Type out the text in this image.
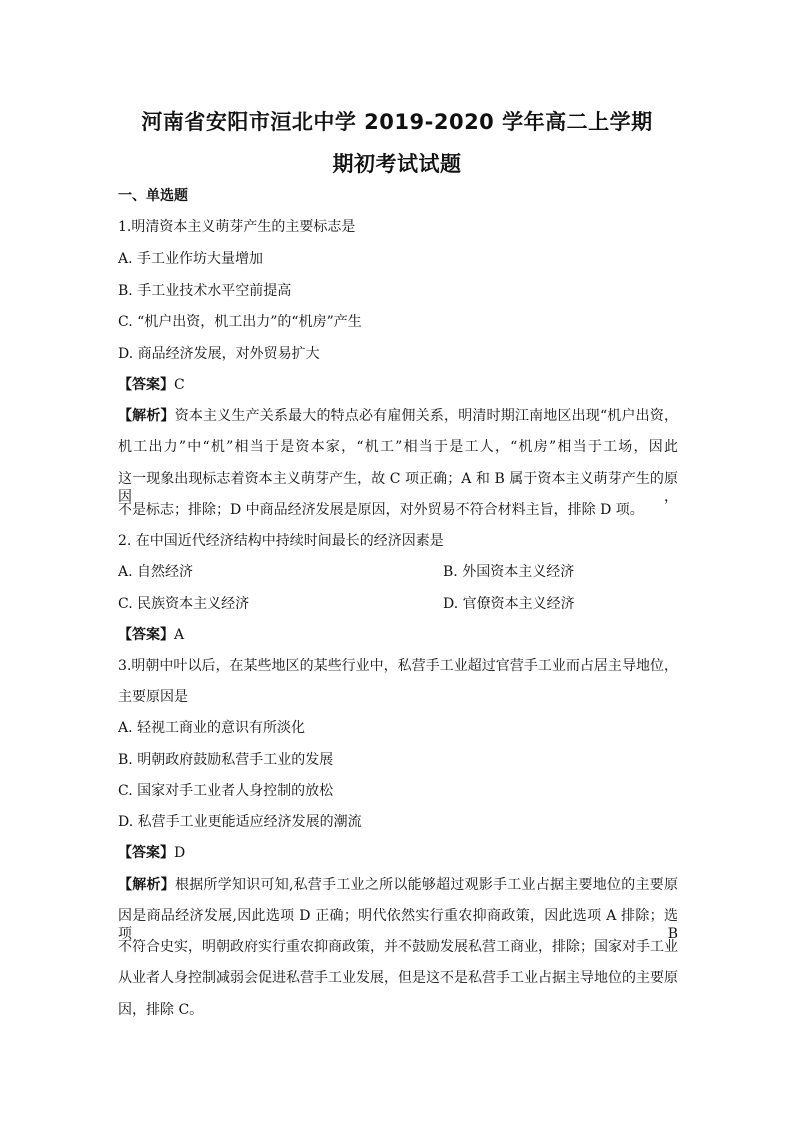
河南省安阳市洹北中学 2019-2020 学年高二上学期
期初考试试题
一、单选题
1.明清资本主义萌芽产生的主要标志是
A. 手工业作坊大量增加
B. 手工业技术水平空前提高
C. “机户出资，机工出力”的“机房”产生
D. 商品经济发展，对外贸易扩大
【答案】C
【解析】资本主义生产关系最大的特点必有雇佣关系，明清时期江南地区出现“机户出资，
机工出力”中“机”相当于是资本家，“机工”相当于是工人，“机房”相当于工场，因此
这一现象出现标志着资本主义萌芽产生，故 C 项正确；A 和 B 属于资本主义萌芽产生的原因，
不是标志；排除；D 中商品经济发展是原因，对外贸易不符合材料主旨，排除 D 项。
2. 在中国近代经济结构中持续时间最长的经济因素是
A. 自然经济	B. 外国资本主义经济
C. 民族资本主义经济	D. 官僚资本主义经济
【答案】A
3.明朝中叶以后，在某些地区的某些行业中，私营手工业超过官营手工业而占居主导地位，
主要原因是
A. 轻视工商业的意识有所淡化
B. 明朝政府鼓励私营手工业的发展
C. 国家对手工业者人身控制的放松
D. 私营手工业更能适应经济发展的潮流
【答案】D
【解析】根据所学知识可知,私营手工业之所以能够超过观影手工业占据主要地位的主要原
因是商品经济发展,因此选项 D 正确；明代依然实行重农抑商政策，因此选项 A 排除；选项 B
不符合史实，明朝政府实行重农抑商政策，并不鼓励发展私营工商业，排除；国家对手工业
从业者人身控制减弱会促进私营手工业发展，但是这不是私营手工业占据主导地位的主要原
因，排除 C。
